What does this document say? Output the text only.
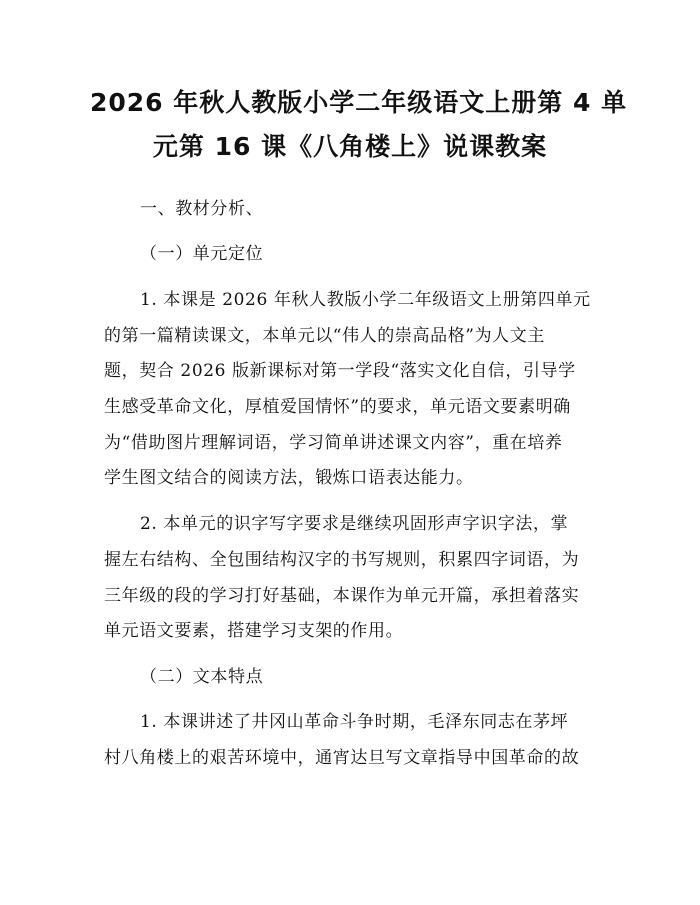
2026 年秋人教版小学二年级语文上册第 4 单
元第 16 课《八角楼上》说课教案
一、教材分析、
（一）单元定位
1. 本课是 2026 年秋人教版小学二年级语文上册第四单元
的第一篇精读课文，本单元以“伟人的崇高品格”为人文主
题，契合 2026 版新课标对第一学段“落实文化自信，引导学
生感受革命文化，厚植爱国情怀”的要求，单元语文要素明确
为“借助图片理解词语，学习简单讲述课文内容”，重在培养
学生图文结合的阅读方法，锻炼口语表达能力。
2. 本单元的识字写字要求是继续巩固形声字识字法，掌
握左右结构、全包围结构汉字的书写规则，积累四字词语，为
三年级的段的学习打好基础，本课作为单元开篇，承担着落实
单元语文要素，搭建学习支架的作用。
（二）文本特点
1. 本课讲述了井冈山革命斗争时期，毛泽东同志在茅坪
村八角楼上的艰苦环境中，通宵达旦写文章指导中国革命的故
